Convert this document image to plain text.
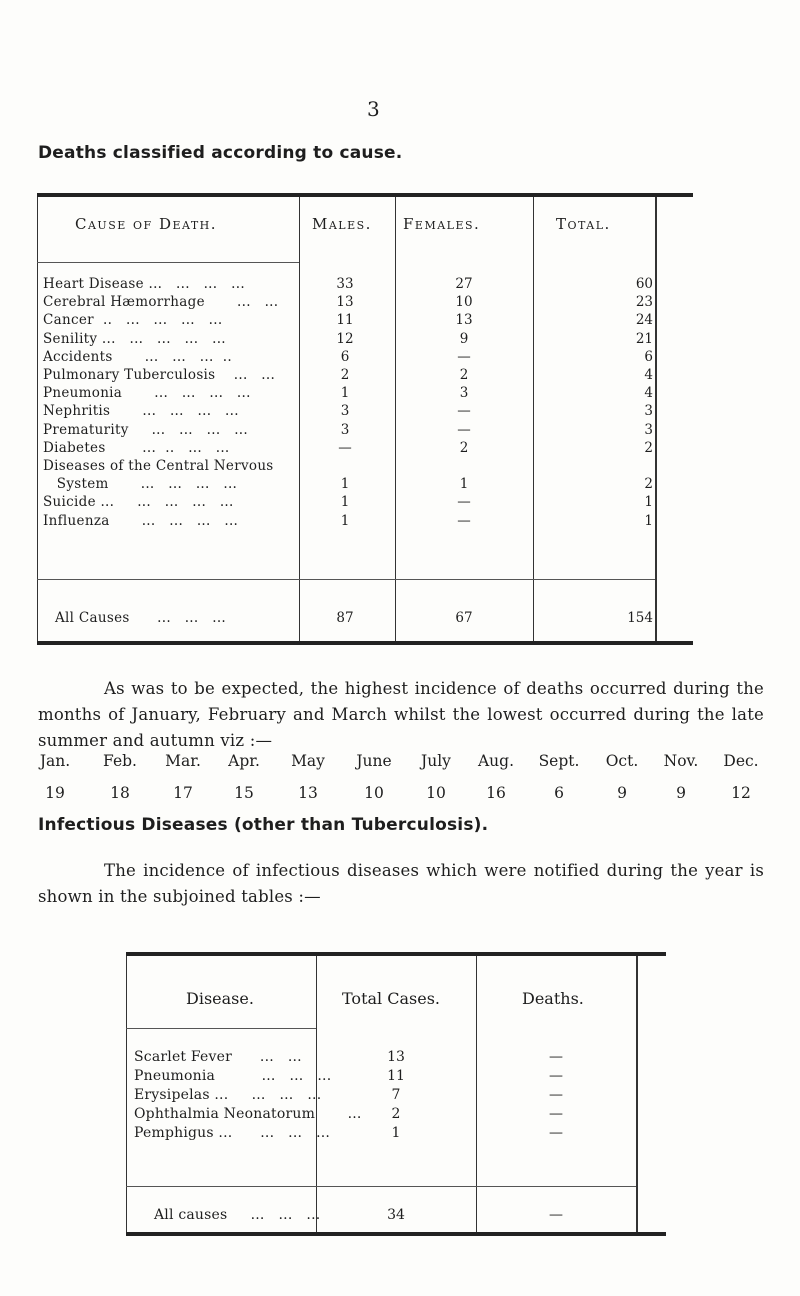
3
Deaths classified according to cause.
Cause of Death.	Males. Females.	Total.
Heart Disease ...   ...   ...   ...	33	27	60
Cerebral Hæmorrhage       ...   ...	13	10	23
Cancer  ..   ...   ...   ...   ...	11	13	24
Senility ...   ...   ...   ...   ...	12	9	21
Accidents       ...   ...   ...  ..	6	—	6
Pulmonary Tuberculosis    ...   ...	2	2	4
Pneumonia       ...   ...   ...   ...	1	3	4
Nephritis       ...   ...   ...   ...	3	—	3
Prematurity     ...   ...   ...   ...	3	—	3
Diabetes        ...  ..   ...   ...	—	2	2
Diseases of the Central Nervous
System       ...   ...   ...   ...	1	1	2
Suicide ...     ...   ...   ...   ...	1	—	1
Influenza       ...   ...   ...   ...	1	—	1
All Causes      ...   ...   ...	87	67	154
As was to be expected, the highest incidence of deaths occurred during the months of January, February and March whilst the lowest occurred during the late summer and autumn viz :—
Jan.	Feb.	Mar.	Apr.	May	June	July	Aug.	Sept.	Oct.	Nov.	Dec.
19	18	17	15	13	10	10	16	6	9	9	12
Infectious Diseases (other than Tuberculosis).
The incidence of infectious diseases which were notified during the year is shown in the subjoined tables :—
Disease.	Total Cases.	Deaths.
Scarlet Fever      ...   ...	13	—
Pneumonia          ...   ...   ...	11	—
Erysipelas ...     ...   ...   ...	7	—
Ophthalmia Neonatorum       ...	2	—
Pemphigus ...      ...   ...   ...	1	—
All causes     ...   ...   ...	34	—
